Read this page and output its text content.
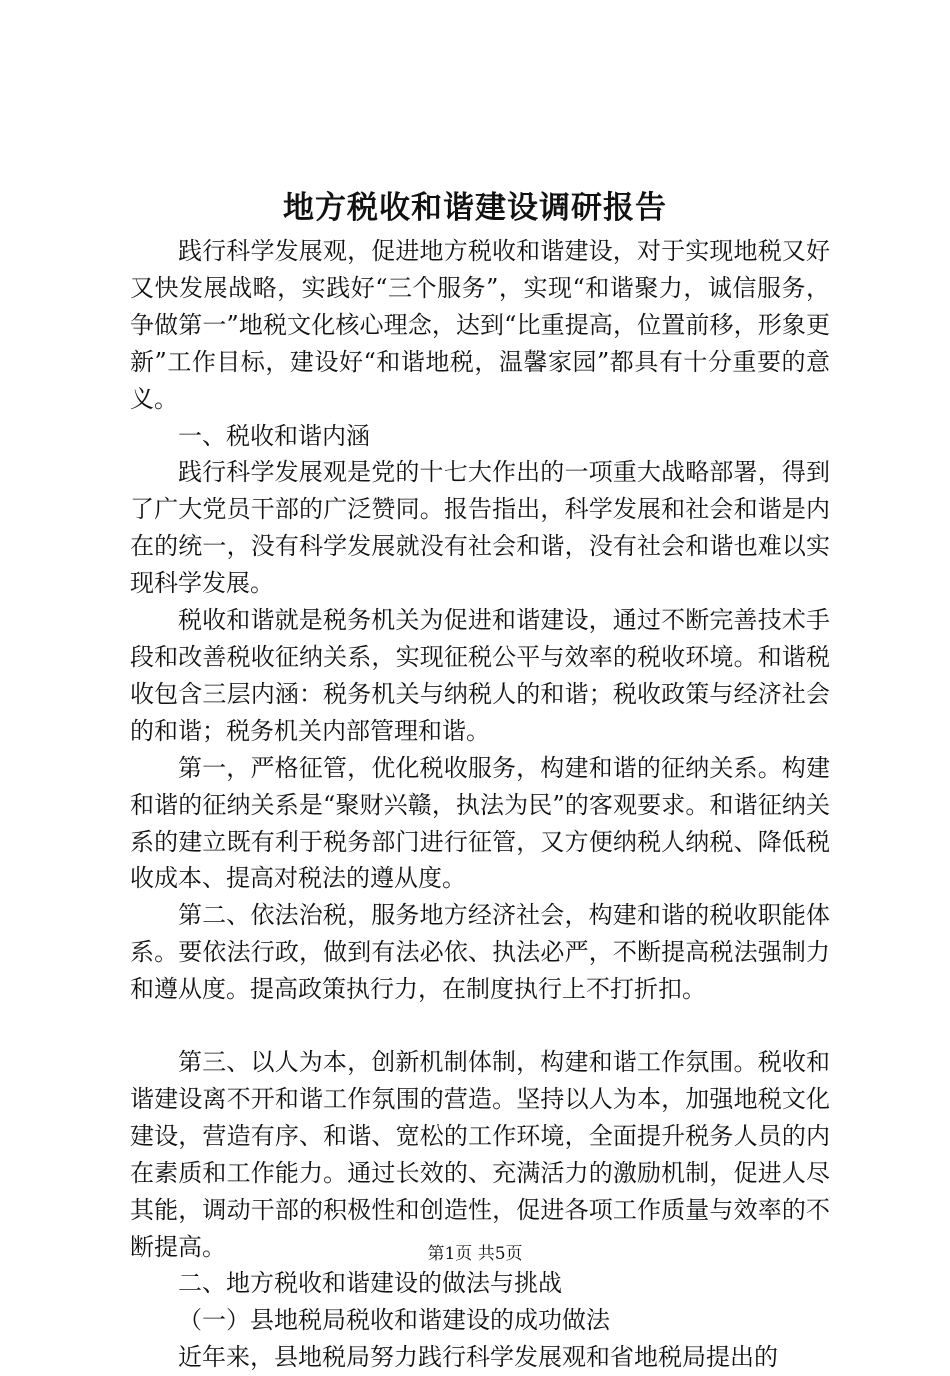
地方税收和谐建设调研报告

践行科学发展观，促进地方税收和谐建设，对于实现地税又好又快发展战略，实践好“三个服务”，实现“和谐聚力，诚信服务，争做第一”地税文化核心理念，达到“比重提高，位置前移，形象更新”工作目标，建设好“和谐地税，温馨家园”都具有十分重要的意义。

一、税收和谐内涵

践行科学发展观是党的十七大作出的一项重大战略部署，得到了广大党员干部的广泛赞同。报告指出，科学发展和社会和谐是内在的统一，没有科学发展就没有社会和谐，没有社会和谐也难以实现科学发展。

税收和谐就是税务机关为促进和谐建设，通过不断完善技术手段和改善税收征纳关系，实现征税公平与效率的税收环境。和谐税收包含三层内涵：税务机关与纳税人的和谐；税收政策与经济社会的和谐；税务机关内部管理和谐。

第一，严格征管，优化税收服务，构建和谐的征纳关系。构建和谐的征纳关系是“聚财兴赣，执法为民”的客观要求。和谐征纳关系的建立既有利于税务部门进行征管，又方便纳税人纳税、降低税收成本、提高对税法的遵从度。

第二、依法治税，服务地方经济社会，构建和谐的税收职能体系。要依法行政，做到有法必依、执法必严，不断提高税法强制力和遵从度。提高政策执行力，在制度执行上不打折扣。

第三、以人为本，创新机制体制，构建和谐工作氛围。税收和谐建设离不开和谐工作氛围的营造。坚持以人为本，加强地税文化建设，营造有序、和谐、宽松的工作环境，全面提升税务人员的内在素质和工作能力。通过长效的、充满活力的激励机制，促进人尽其能，调动干部的积极性和创造性，促进各项工作质量与效率的不断提高。

二、地方税收和谐建设的做法与挑战

（一）县地税局税收和谐建设的成功做法

近年来，县地税局努力践行科学发展观和省地税局提出的

第1页 共5页
